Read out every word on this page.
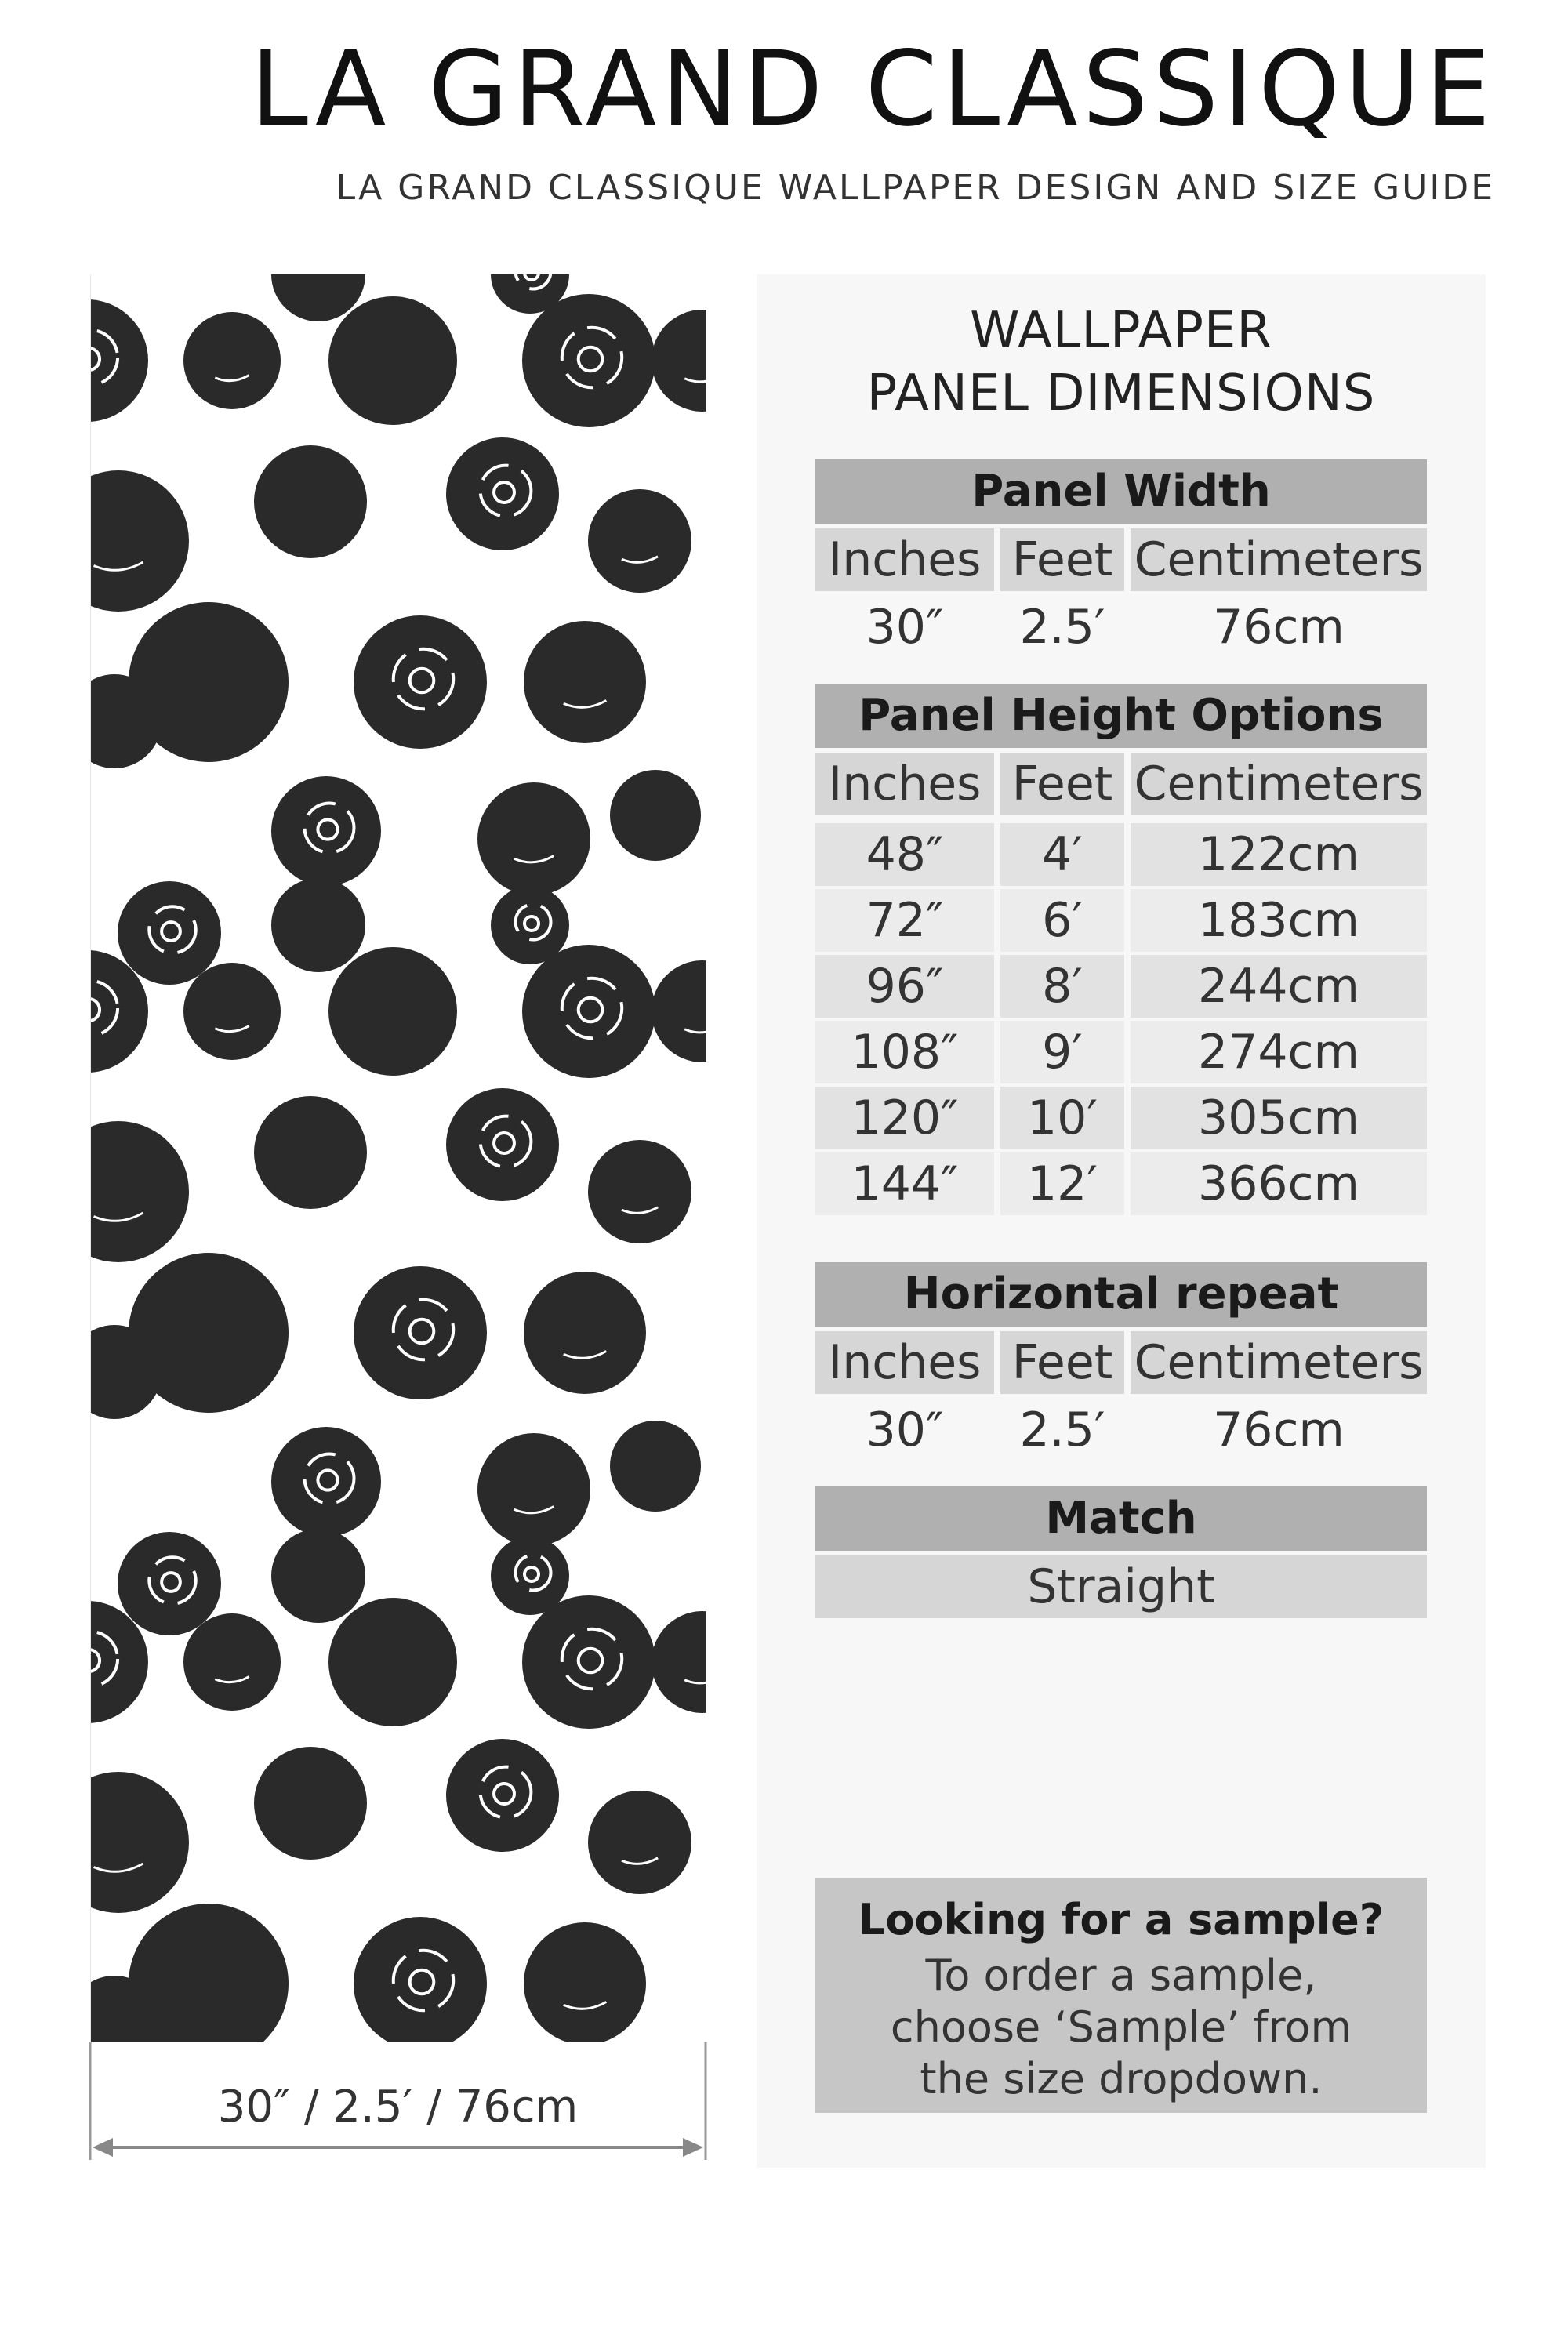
LA GRAND CLASSIQUE
LA GRAND CLASSIQUE WALLPAPER DESIGN AND SIZE GUIDE
30″ / 2.5′ / 76cm
WALLPAPER
PANEL DIMENSIONS
Panel Width
Inches Feet Centimeters
30″	2.5′	76cm
Panel Height Options
Inches Feet Centimeters
48″	4′	122cm
72″	6′	183cm
96″	8′	244cm
108″	9′	274cm
120″	10′	305cm
144″	12′	366cm
Horizontal repeat
Inches Feet Centimeters
30″	2.5′	76cm
Match
Straight
Looking for a sample?
To order a sample,
choose ‘Sample’ from
the size dropdown.
